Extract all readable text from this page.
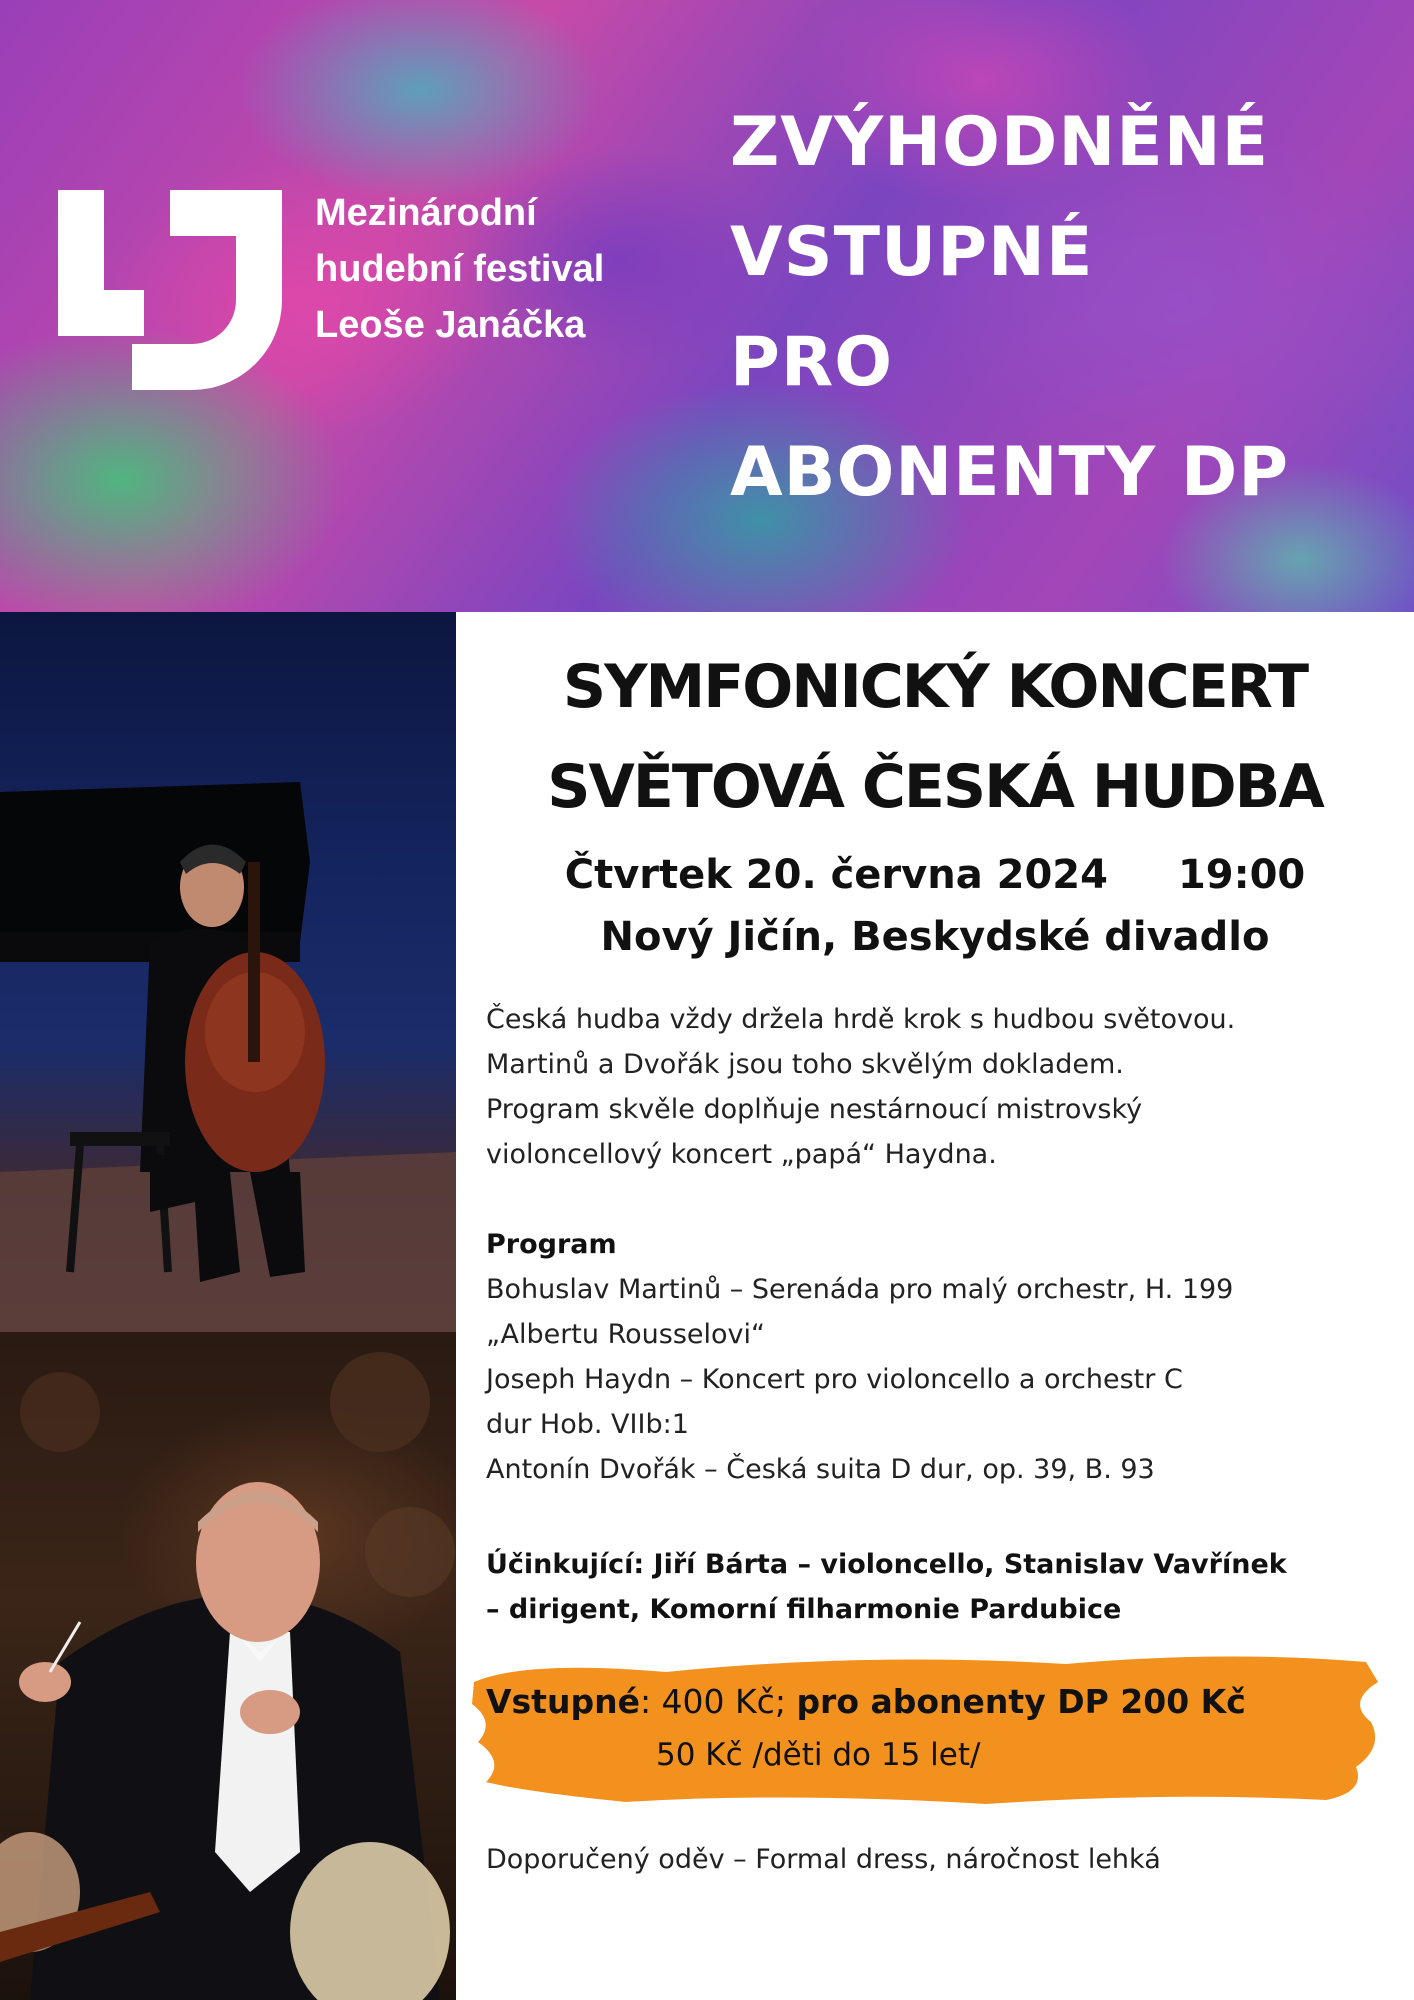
Mezinárodní
hudební festival
Leoše Janáčka
ZVÝHODNĚNÉ
VSTUPNÉ
PRO
ABONENTY DP
SYMFONICKÝ KONCERT
SVĚTOVÁ ČESKÁ HUDBA
Čtvrtek 20. června 2024 19:00
Nový Jičín, Beskydské divadlo
Česká hudba vždy držela hrdě krok s hudbou světovou.
Martinů a Dvořák jsou toho skvělým dokladem.
Program skvěle doplňuje nestárnoucí mistrovský
violoncellový koncert „papá“ Haydna.
Program
Bohuslav Martinů – Serenáda pro malý orchestr, H. 199
„Albertu Rousselovi“
Joseph Haydn – Koncert pro violoncello a orchestr C
dur Hob. VIIb:1
Antonín Dvořák – Česká suita D dur, op. 39, B. 93
Účinkující: Jiří Bárta – violoncello, Stanislav Vavřínek
– dirigent, Komorní filharmonie Pardubice
Vstupné: 400 Kč; pro abonenty DP 200 Kč
50 Kč /děti do 15 let/
Doporučený oděv – Formal dress, náročnost lehká
